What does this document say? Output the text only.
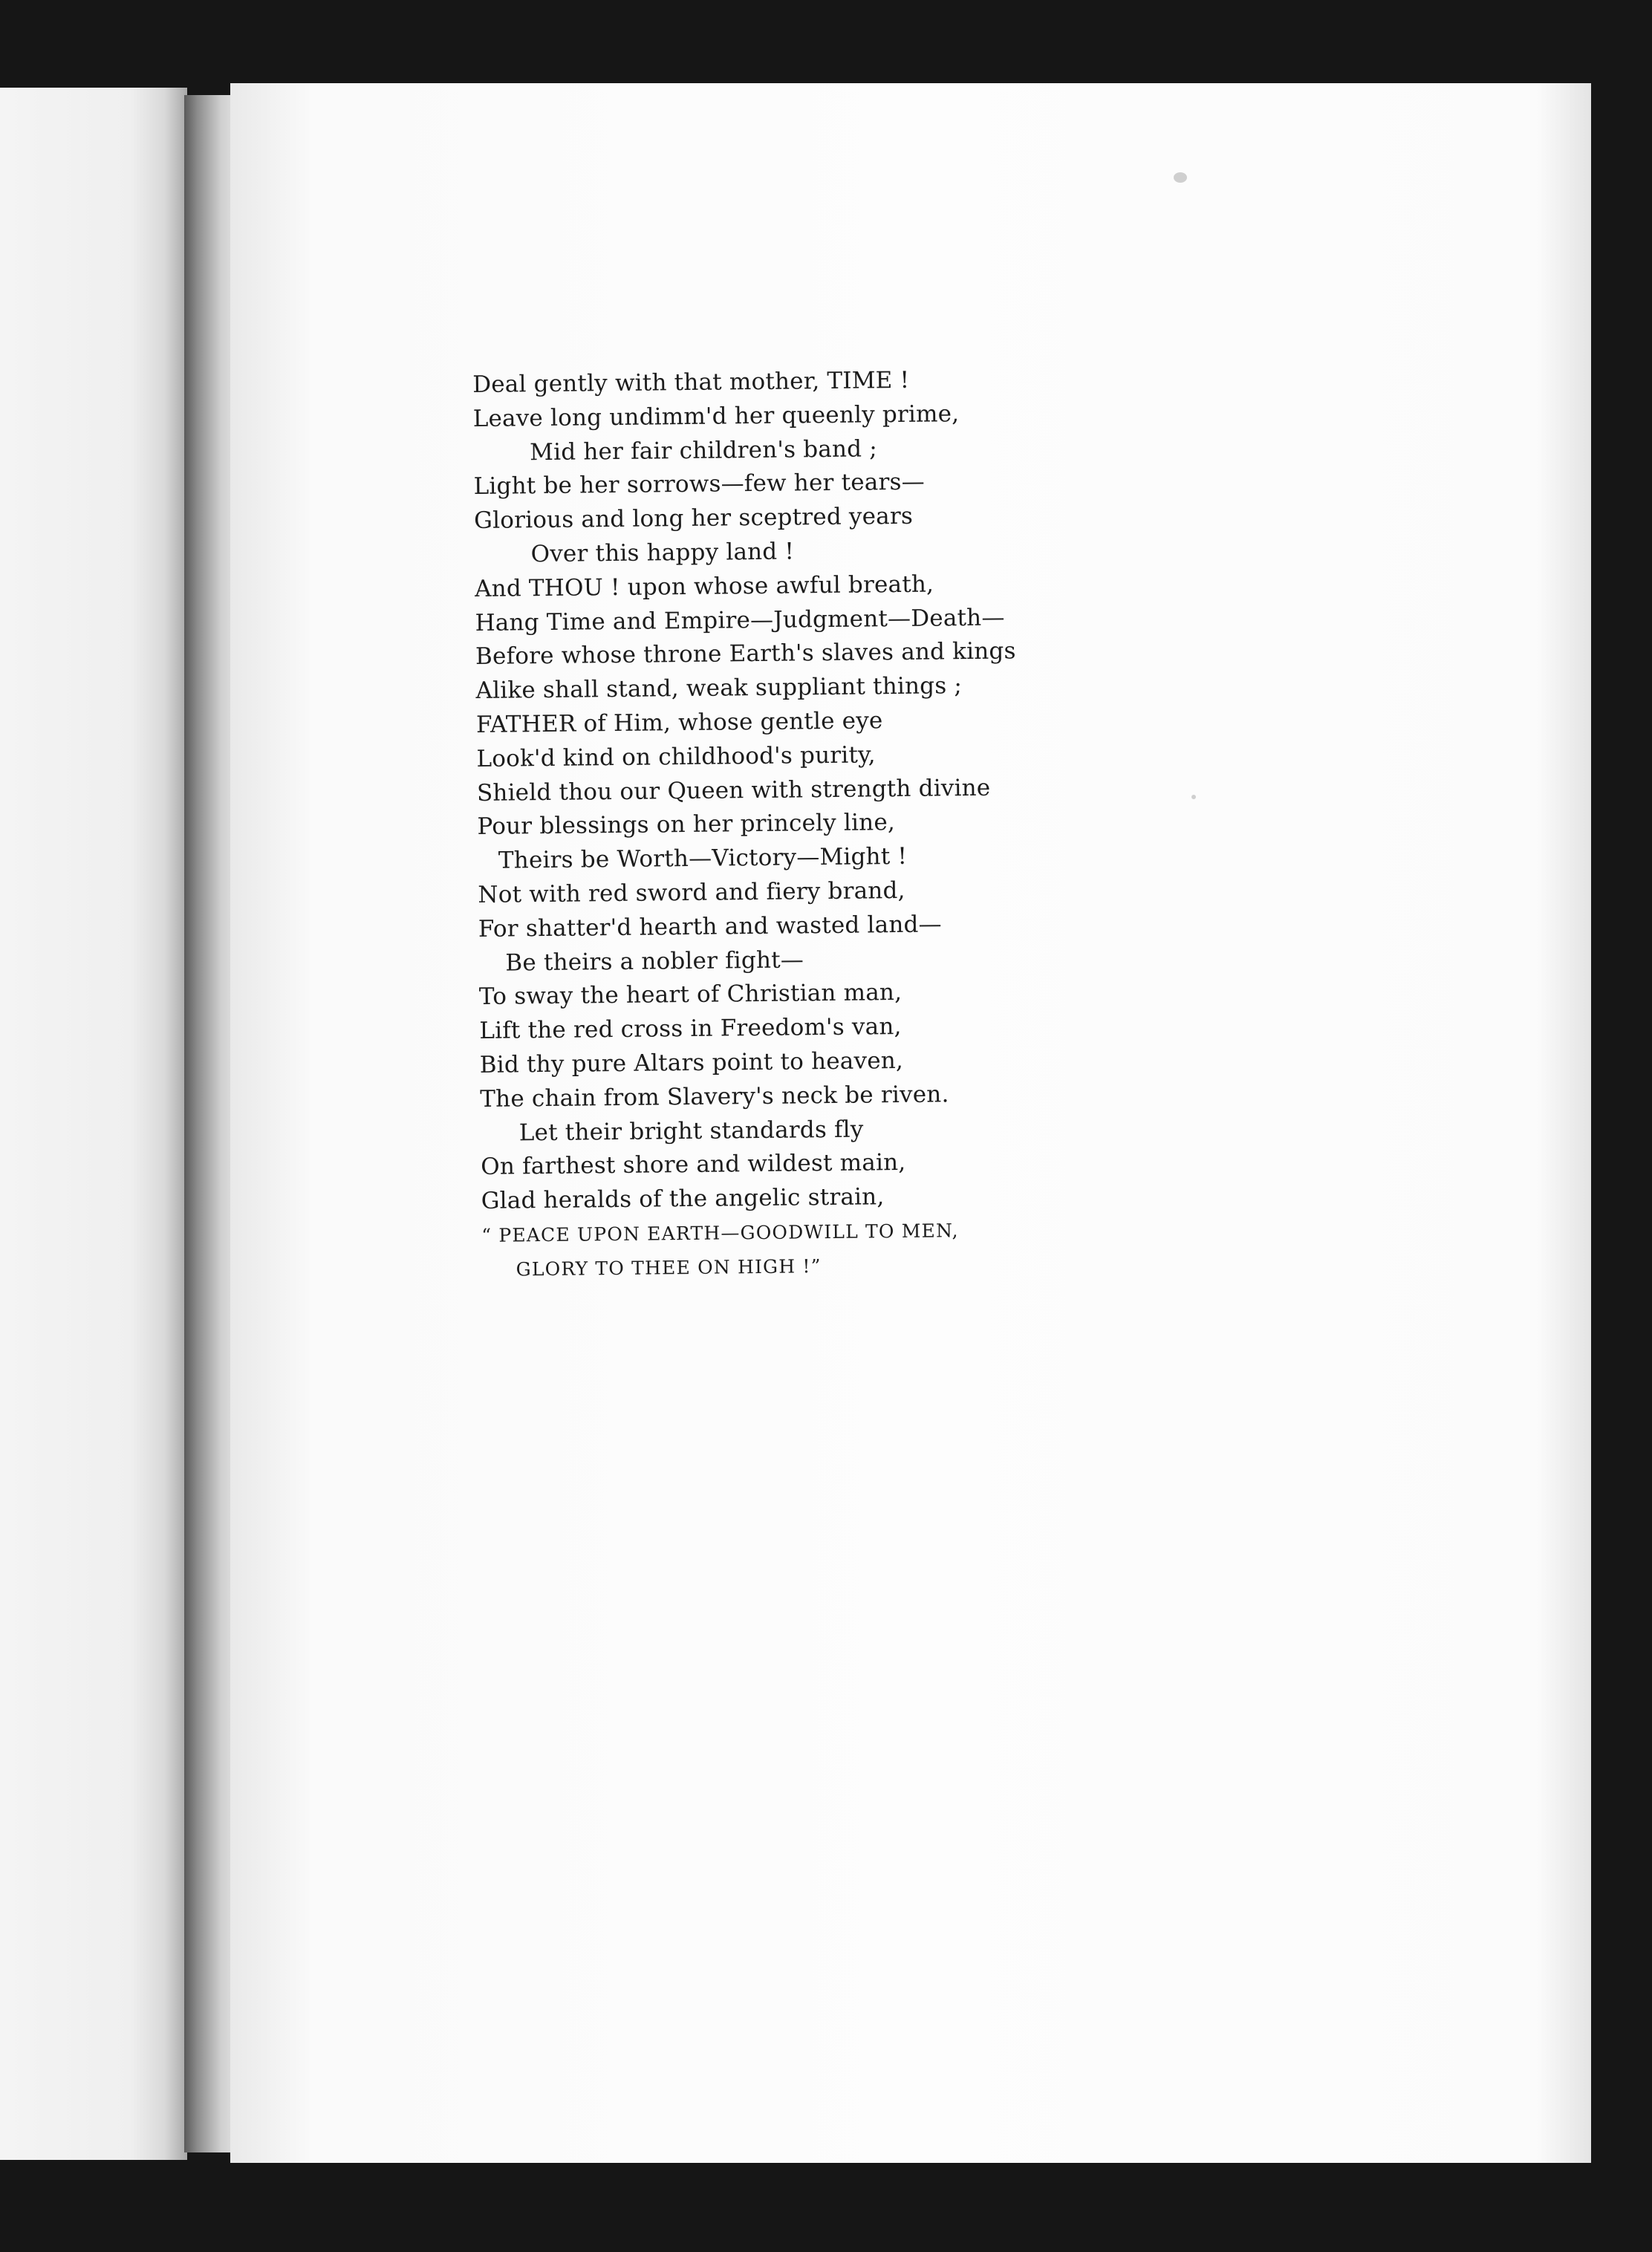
Deal gently with that mother, TIME !
Leave long undimm'd her queenly prime,
Mid her fair children's band ;
Light be her sorrows—few her tears—
Glorious and long her sceptred years
Over this happy land !
And THOU ! upon whose awful breath,
Hang Time and Empire—Judgment—Death—
Before whose throne Earth's slaves and kings
Alike shall stand, weak suppliant things ;
FATHER of Him, whose gentle eye
Look'd kind on childhood's purity,
Shield thou our Queen with strength divine
Pour blessings on her princely line,
Theirs be Worth—Victory—Might !
Not with red sword and fiery brand,
For shatter'd hearth and wasted land—
Be theirs a nobler fight—
To sway the heart of Christian man,
Lift the red cross in Freedom's van,
Bid thy pure Altars point to heaven,
The chain from Slavery's neck be riven.
Let their bright standards fly
On farthest shore and wildest main,
Glad heralds of the angelic strain,
“ PEACE UPON EARTH—GOODWILL TO MEN,
GLORY TO THEE ON HIGH !”
